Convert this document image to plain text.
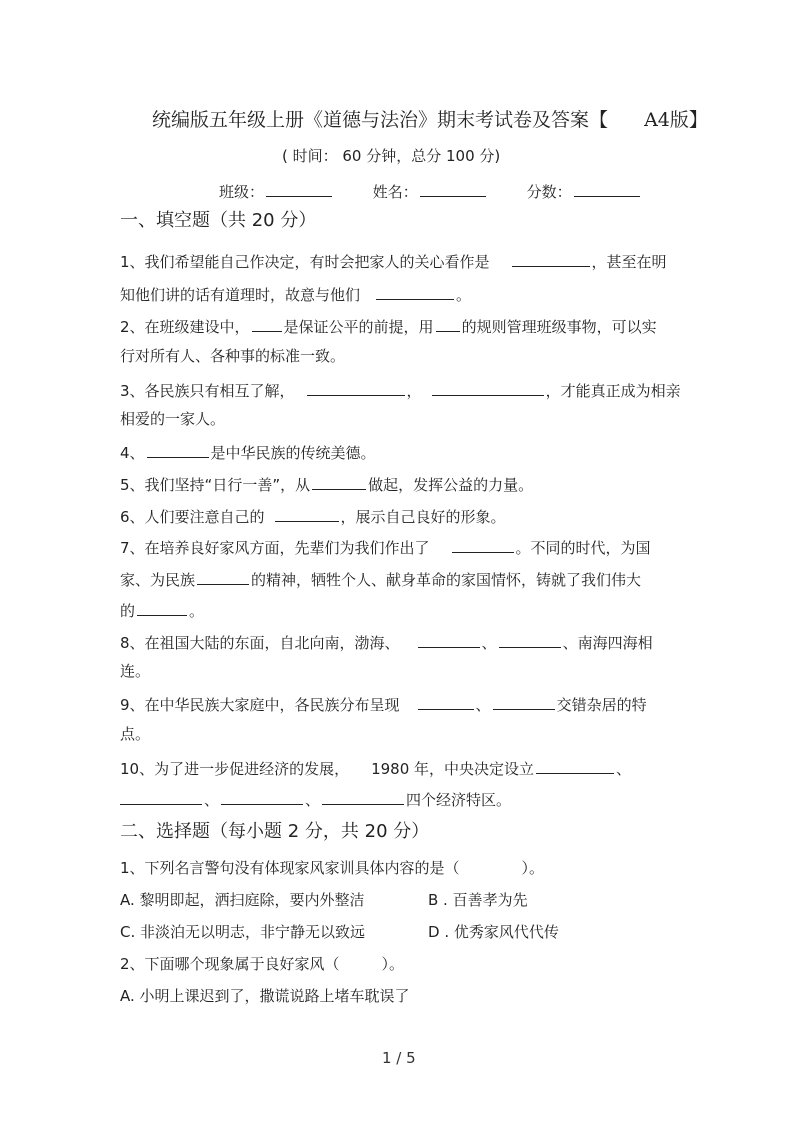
统编版五年级上册《道德与法治》期末考试卷及答案【 A4版】
( 时间： 60 分钟，总分 100 分)
班级：	姓名：	分数：
一、填空题（共 20 分）
1、我们希望能自己作决定，有时会把家人的关心看作是	，甚至在明
知他们讲的话有道理时，故意与他们	。
2、在班级建设中， 是保证公平的前提，用 的规则管理班级事物，可以实
行对所有人、各种事的标准一致。
3、各民族只有相互了解，	，	，才能真正成为相亲
相爱的一家人。
4、	是中华民族的传统美德。
5、我们坚持“日行一善”，从	做起，发挥公益的力量。
6、人们要注意自己的	，展示自己良好的形象。
7、在培养良好家风方面，先辈们为我们作出了	。不同的时代，为国
家、为民族	的精神，牺牲个人、献身革命的家国情怀，铸就了我们伟大
的	。
8、在祖国大陆的东面，自北向南，渤海、	、	、南海四海相
连。
9、在中华民族大家庭中，各民族分布呈现	、	交错杂居的特
点。
10、为了进一步促进经济的发展， 1980 年，中央决定设立	、
、	、	四个经济特区。
二、选择题（每小题 2 分，共 20 分）
1、下列名言警句没有体现家风家训具体内容的是（	）。
A. 黎明即起，洒扫庭除，要内外整洁	B . 百善孝为先
C. 非淡泊无以明志，非宁静无以致远	D . 优秀家风代代传
2、下面哪个现象属于良好家风（	）。
A. 小明上课迟到了，撒谎说路上堵车耽误了
1 / 5
